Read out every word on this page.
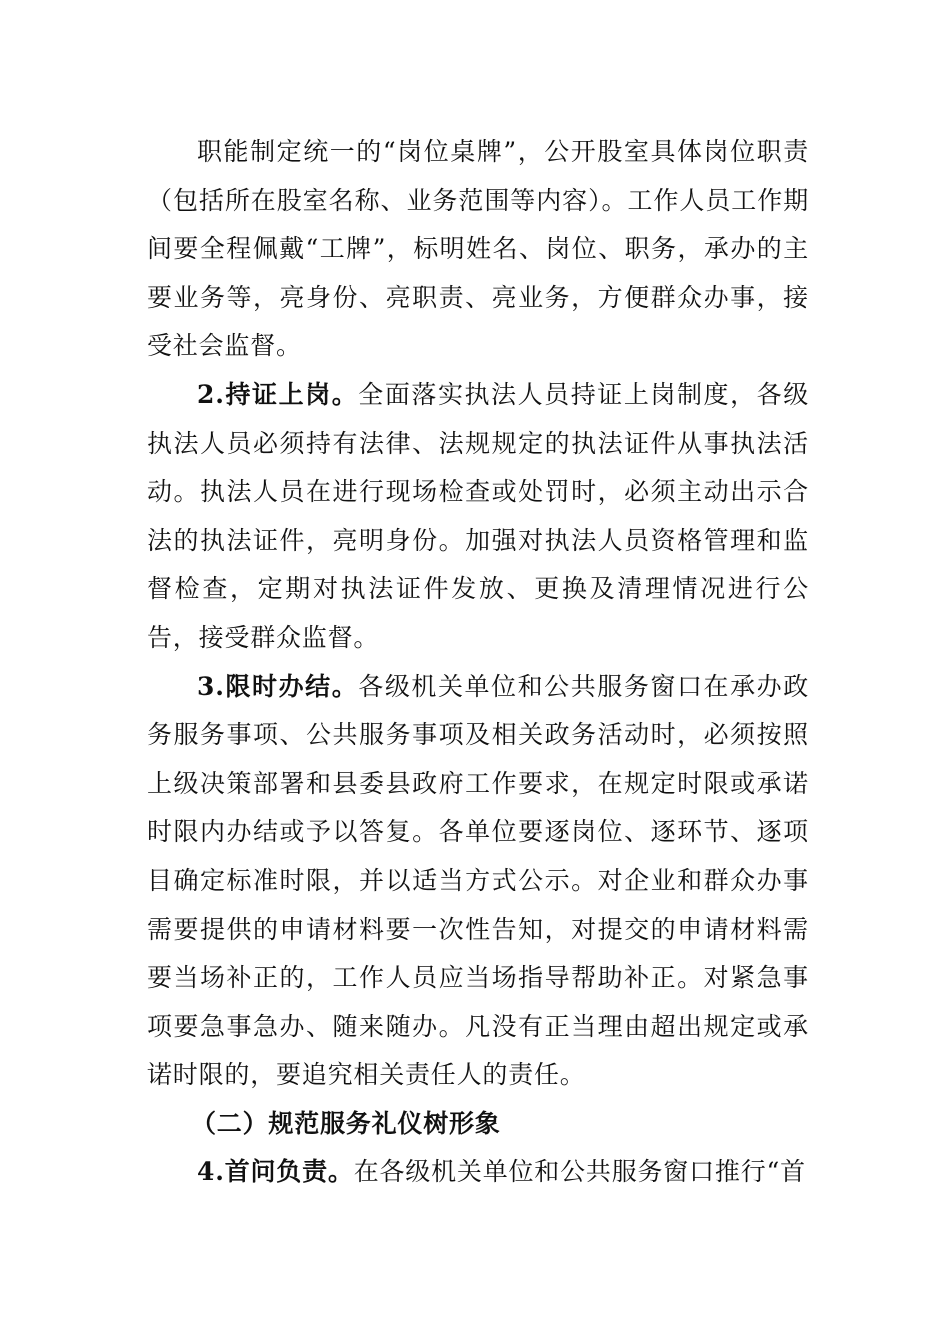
职能制定统一的“岗位桌牌”，公开股室具体岗位职责（包括所在股室名称、业务范围等内容）。工作人员工作期间要全程佩戴“工牌”，标明姓名、岗位、职务，承办的主要业务等，亮身份、亮职责、亮业务，方便群众办事，接受社会监督。

2.持证上岗。全面落实执法人员持证上岗制度，各级执法人员必须持有法律、法规规定的执法证件从事执法活动。执法人员在进行现场检查或处罚时，必须主动出示合法的执法证件，亮明身份。加强对执法人员资格管理和监督检查，定期对执法证件发放、更换及清理情况进行公告，接受群众监督。

3.限时办结。各级机关单位和公共服务窗口在承办政务服务事项、公共服务事项及相关政务活动时，必须按照上级决策部署和县委县政府工作要求，在规定时限或承诺时限内办结或予以答复。各单位要逐岗位、逐环节、逐项目确定标准时限，并以适当方式公示。对企业和群众办事需要提供的申请材料要一次性告知，对提交的申请材料需要当场补正的，工作人员应当场指导帮助补正。对紧急事项要急事急办、随来随办。凡没有正当理由超出规定或承诺时限的，要追究相关责任人的责任。

（二）规范服务礼仪树形象

4.首问负责。在各级机关单位和公共服务窗口推行“首
